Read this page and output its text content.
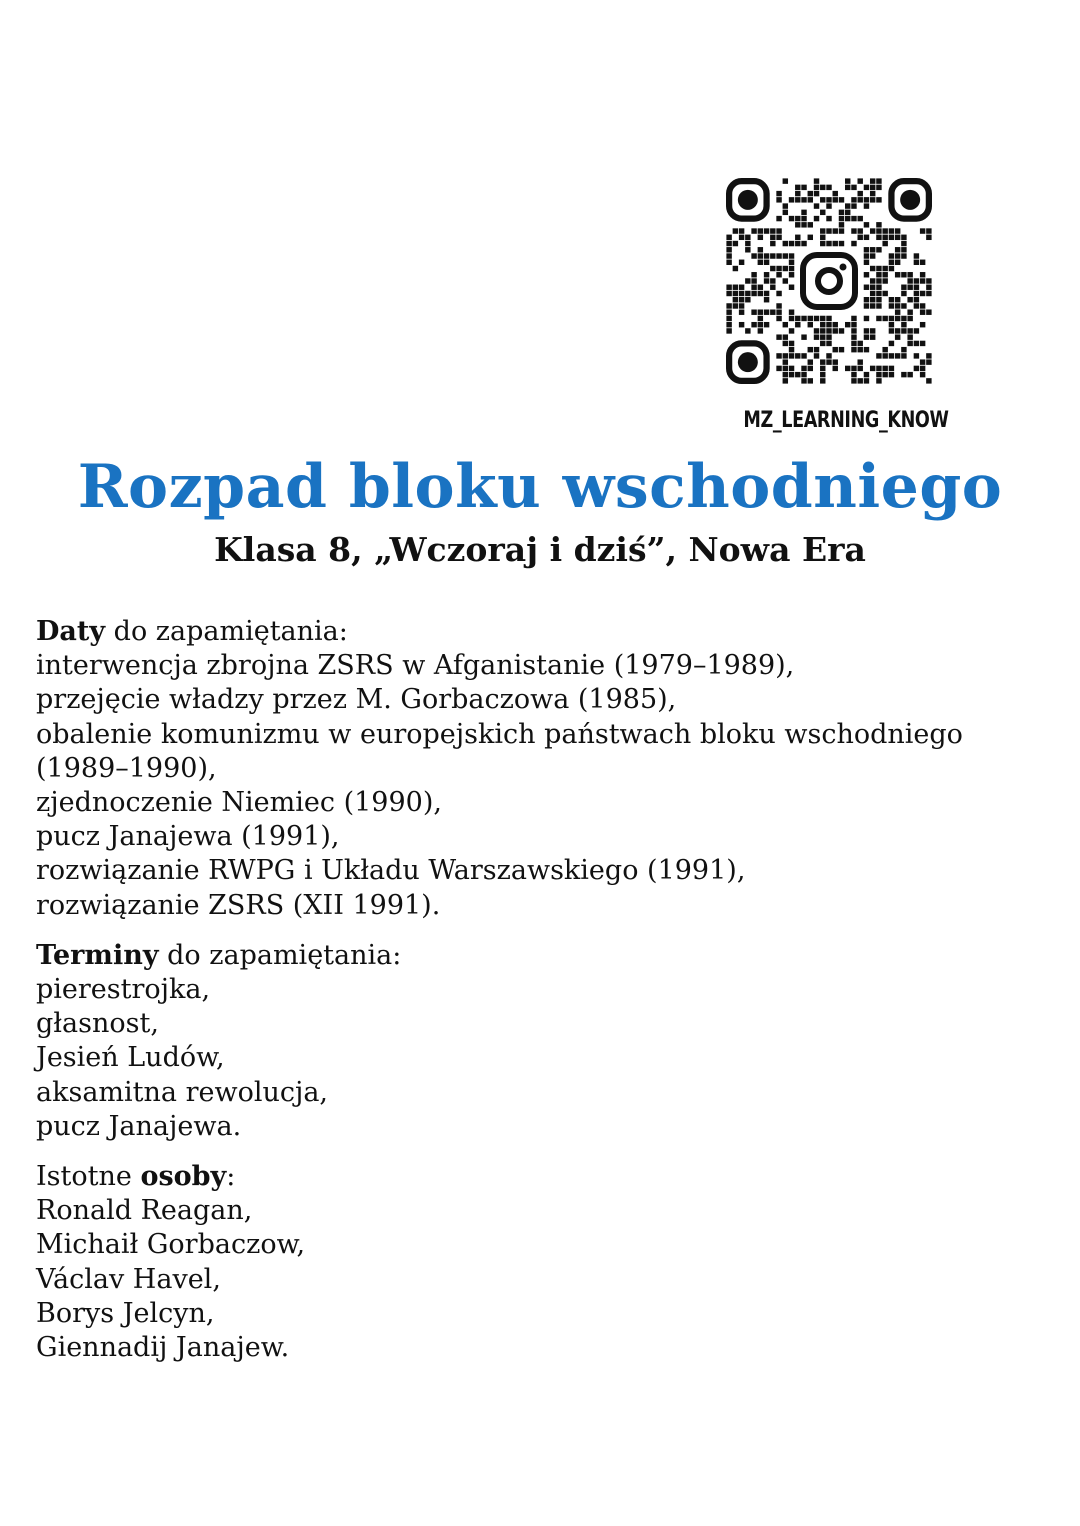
MZ_LEARNING_KNOW
Rozpad bloku wschodniego
Klasa 8, „Wczoraj i dziś”, Nowa Era
Daty do zapamiętania:
interwencja zbrojna ZSRS w Afganistanie (1979–1989),
przejęcie władzy przez M. Gorbaczowa (1985),
obalenie komunizmu w europejskich państwach bloku wschodniego
(1989–1990),
zjednoczenie Niemiec (1990),
pucz Janajewa (1991),
rozwiązanie RWPG i Układu Warszawskiego (1991),
rozwiązanie ZSRS (XII 1991).
Terminy do zapamiętania:
pierestrojka,
głasnost,
Jesień Ludów,
aksamitna rewolucja,
pucz Janajewa.
Istotne osoby:
Ronald Reagan,
Michaił Gorbaczow,
Václav Havel,
Borys Jelcyn,
Giennadij Janajew.
